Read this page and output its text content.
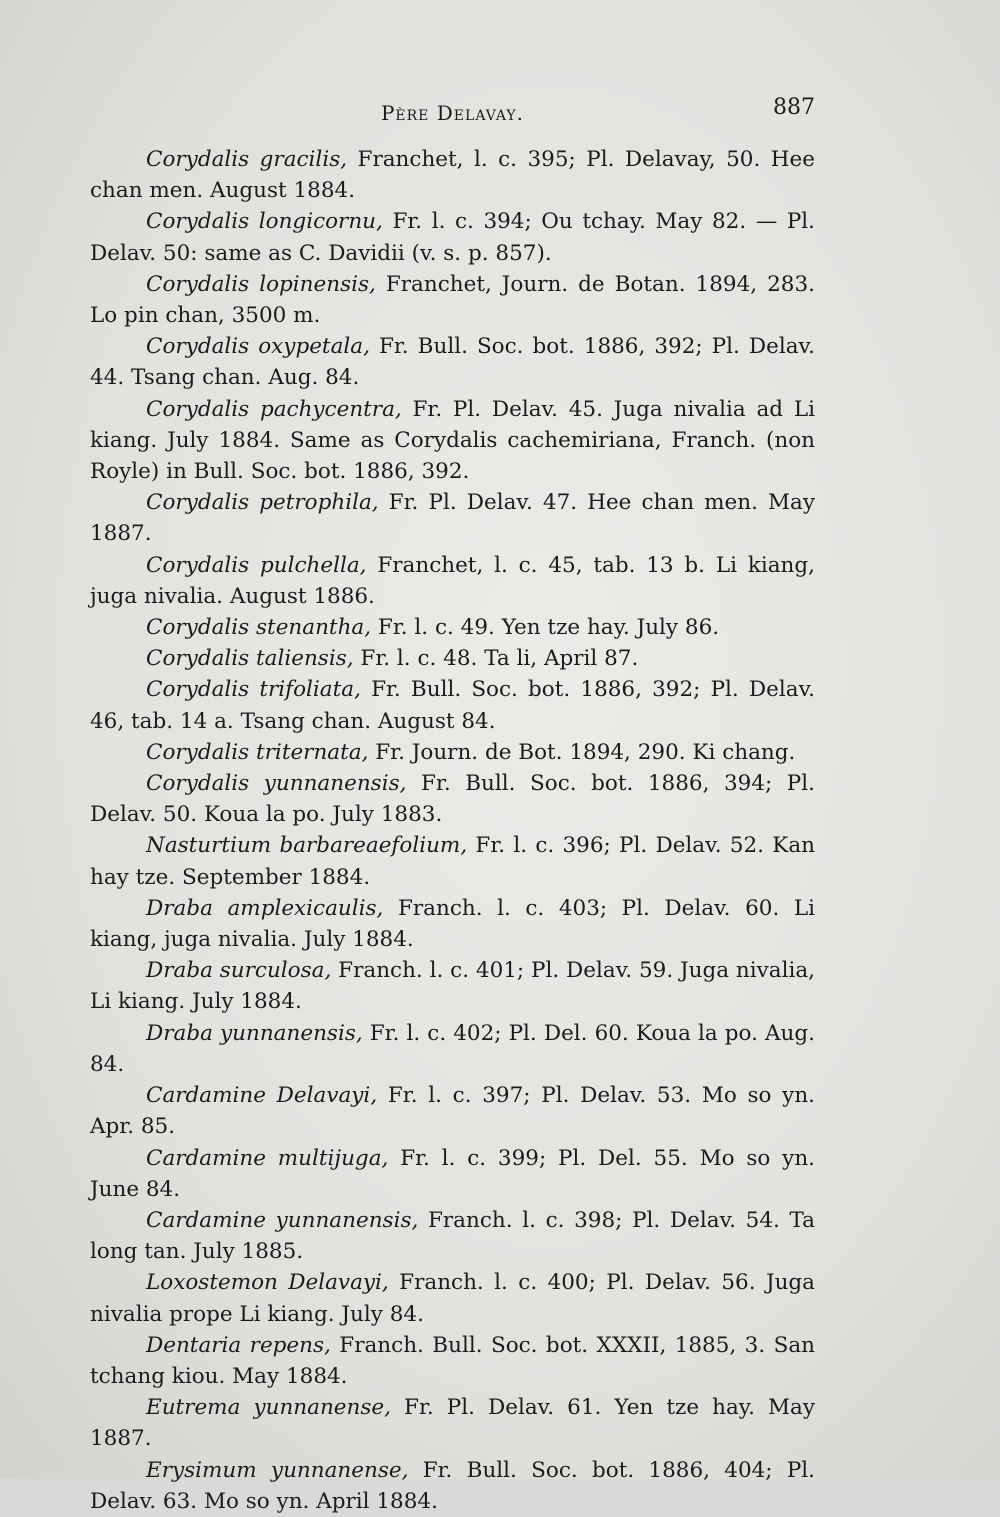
Père Delavay.	887

Corydalis gracilis, Franchet, l. c. 395; Pl. Delavay, 50. Hee chan men. August 1884.

Corydalis longicornu, Fr. l. c. 394; Ou tchay. May 82. — Pl. Delav. 50: same as C. Davidii (v. s. p. 857).

Corydalis lopinensis, Franchet, Journ. de Botan. 1894, 283. Lo pin chan, 3500 m.

Corydalis oxypetala, Fr. Bull. Soc. bot. 1886, 392; Pl. Delav. 44. Tsang chan. Aug. 84.

Corydalis pachycentra, Fr. Pl. Delav. 45. Juga nivalia ad Li kiang. July 1884. Same as Corydalis cachemiriana, Franch. (non Royle) in Bull. Soc. bot. 1886, 392.

Corydalis petrophila, Fr. Pl. Delav. 47. Hee chan men. May 1887.

Corydalis pulchella, Franchet, l. c. 45, tab. 13 b. Li kiang, juga nivalia. August 1886.

Corydalis stenantha, Fr. l. c. 49. Yen tze hay. July 86.

Corydalis taliensis, Fr. l. c. 48. Ta li, April 87.

Corydalis trifoliata, Fr. Bull. Soc. bot. 1886, 392; Pl. Delav. 46, tab. 14 a. Tsang chan. August 84.

Corydalis triternata, Fr. Journ. de Bot. 1894, 290. Ki chang.

Corydalis yunnanensis, Fr. Bull. Soc. bot. 1886, 394; Pl. Delav. 50. Koua la po. July 1883.

Nasturtium barbareaefolium, Fr. l. c. 396; Pl. Delav. 52. Kan hay tze. September 1884.

Draba amplexicaulis, Franch. l. c. 403; Pl. Delav. 60. Li kiang, juga nivalia. July 1884.

Draba surculosa, Franch. l. c. 401; Pl. Delav. 59. Juga nivalia, Li kiang. July 1884.

Draba yunnanensis, Fr. l. c. 402; Pl. Del. 60. Koua la po. Aug. 84.

Cardamine Delavayi, Fr. l. c. 397; Pl. Delav. 53. Mo so yn. Apr. 85.

Cardamine multijuga, Fr. l. c. 399; Pl. Del. 55. Mo so yn. June 84.

Cardamine yunnanensis, Franch. l. c. 398; Pl. Delav. 54. Ta long tan. July 1885.

Loxostemon Delavayi, Franch. l. c. 400; Pl. Delav. 56. Juga nivalia prope Li kiang. July 84.

Dentaria repens, Franch. Bull. Soc. bot. XXXII, 1885, 3. San tchang kiou. May 1884.

Eutrema yunnanense, Fr. Pl. Delav. 61. Yen tze hay. May 1887.

Erysimum yunnanense, Fr. Bull. Soc. bot. 1886, 404; Pl. Delav. 63. Mo so yn. April 1884.
